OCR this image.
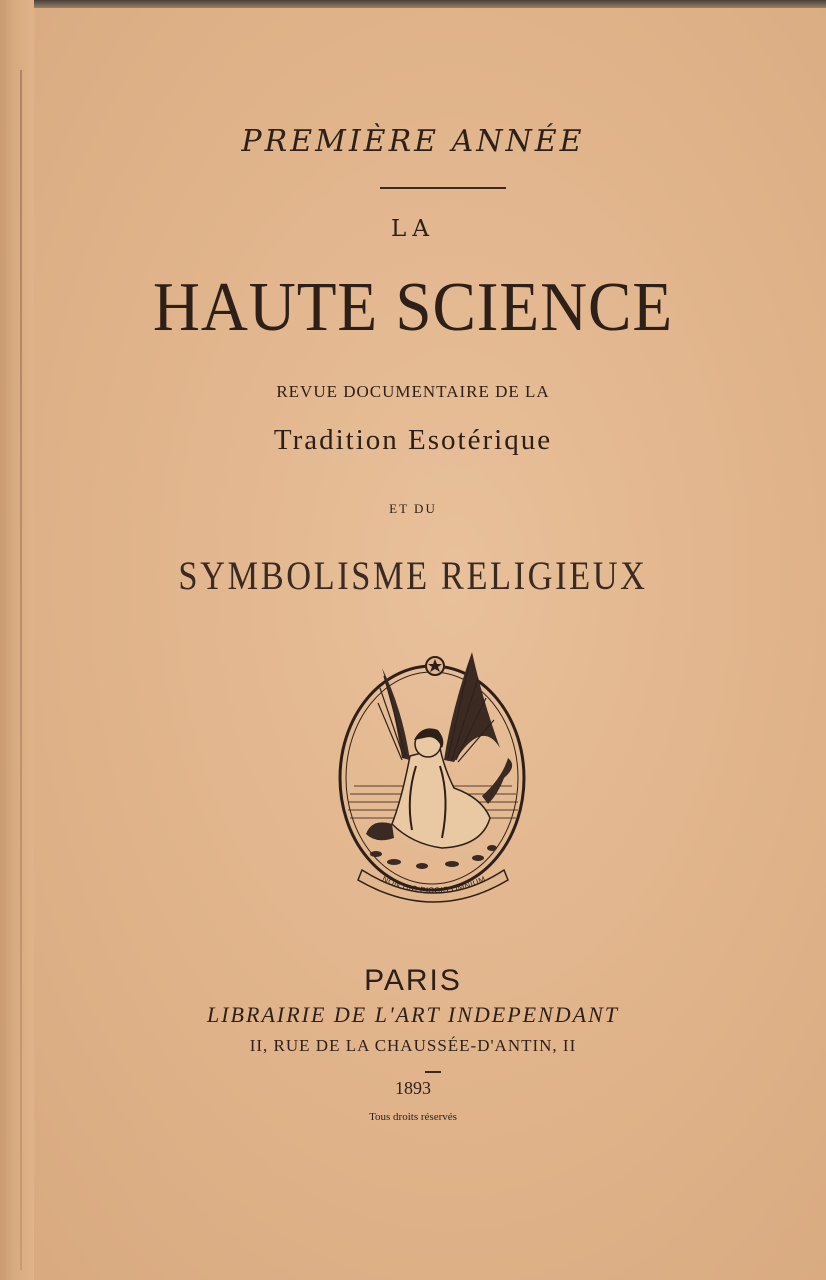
PREMIÈRE ANNÉE
LA
HAUTE SCIENCE
REVUE DOCUMENTAIRE DE LA
Tradition Esotérique
ET DU
SYMBOLISME RELIGIEUX
NON HIC PISCIS OMNIUM
PARIS
LIBRAIRIE DE L'ART INDEPENDANT
II, RUE DE LA CHAUSSÉE-D'ANTIN, II
1893
Tous droits réservés
